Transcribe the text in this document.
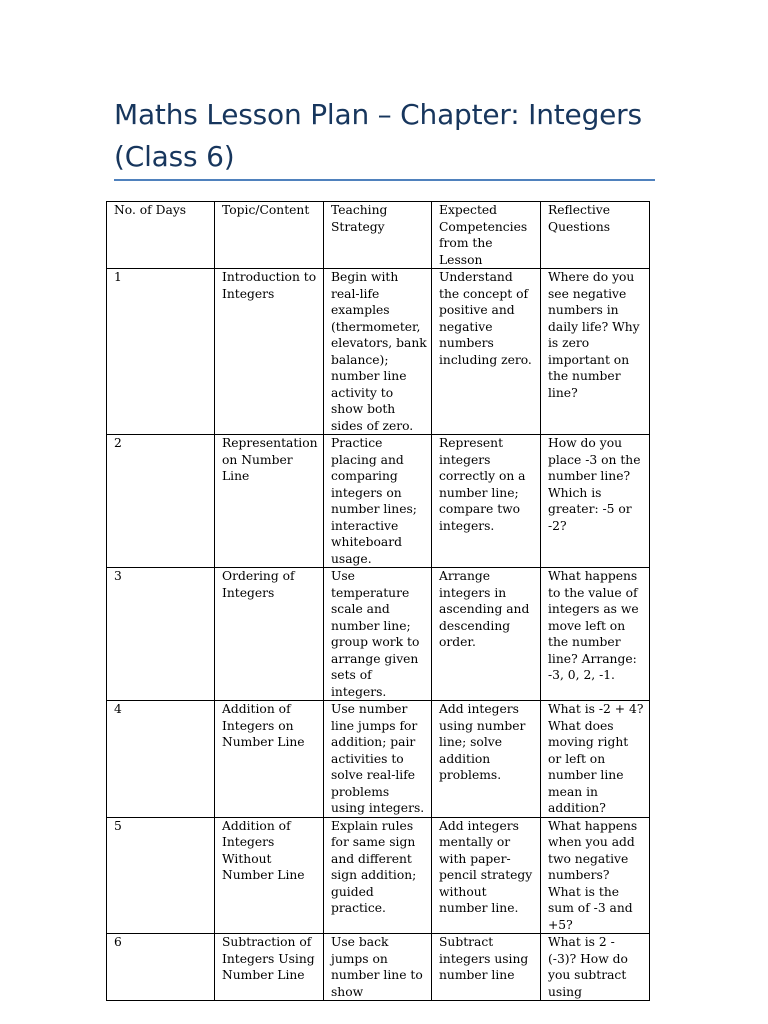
Maths Lesson Plan – Chapter: Integers (Class 6)
No. of Days	Topic/Content	Teaching Strategy	Expected Competencies from the Lesson	Reflective Questions
1	Introduction to Integers	Begin with real-life examples (thermometer, elevators, bank balance); number line activity to show both sides of zero.	Understand the concept of positive and negative numbers including zero.	Where do you see negative numbers in daily life? Why is zero important on the number line?
2	Representation on Number Line	Practice placing and comparing integers on number lines; interactive whiteboard usage.	Represent integers correctly on a number line; compare two integers.	How do you place -3 on the number line? Which is greater: -5 or -2?
3	Ordering of Integers	Use temperature scale and number line; group work to arrange given sets of integers.	Arrange integers in ascending and descending order.	What happens to the value of integers as we move left on the number line? Arrange: -3, 0, 2, -1.
4	Addition of Integers on Number Line	Use number line jumps for addition; pair activities to solve real-life problems using integers.	Add integers using number line; solve addition problems.	What is -2 + 4? What does moving right or left on number line mean in addition?
5	Addition of Integers Without Number Line	Explain rules for same sign and different sign addition; guided practice.	Add integers mentally or with paper-pencil strategy without number line.	What happens when you add two negative numbers? What is the sum of -3 and +5?
6	Subtraction of Integers Using Number Line	Use back jumps on number line to show	Subtract integers using number line	What is 2 - (-3)? How do you subtract using
